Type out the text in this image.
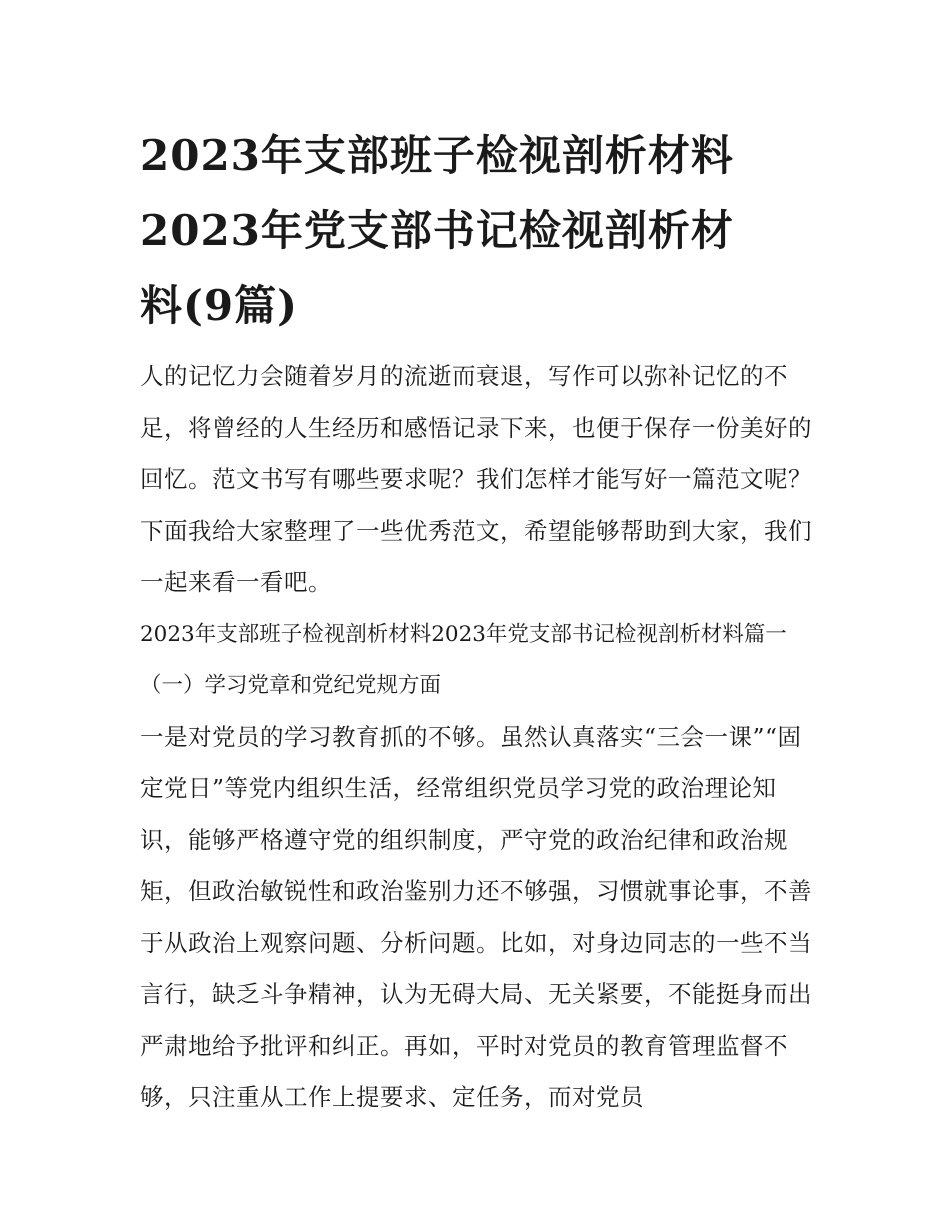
2023年支部班子检视剖析材料
2023年党支部书记检视剖析材
料(9篇)

人的记忆力会随着岁月的流逝而衰退，写作可以弥补记忆的不足，将曾经的人生经历和感悟记录下来，也便于保存一份美好的回忆。范文书写有哪些要求呢？我们怎样才能写好一篇范文呢？下面我给大家整理了一些优秀范文，希望能够帮助到大家，我们一起来看一看吧。

2023年支部班子检视剖析材料2023年党支部书记检视剖析材料篇一 （一）学习党章和党纪党规方面

一是对党员的学习教育抓的不够。虽然认真落实“三会一课”“固定党日”等党内组织生活，经常组织党员学习党的政治理论知识，能够严格遵守党的组织制度，严守党的政治纪律和政治规矩，但政治敏锐性和政治鉴别力还不够强，习惯就事论事，不善于从政治上观察问题、分析问题。比如，对身边同志的一些不当言行，缺乏斗争精神，认为无碍大局、无关紧要，不能挺身而出严肃地给予批评和纠正。再如，平时对党员的教育管理监督不够，只注重从工作上提要求、定任务，而对党员
